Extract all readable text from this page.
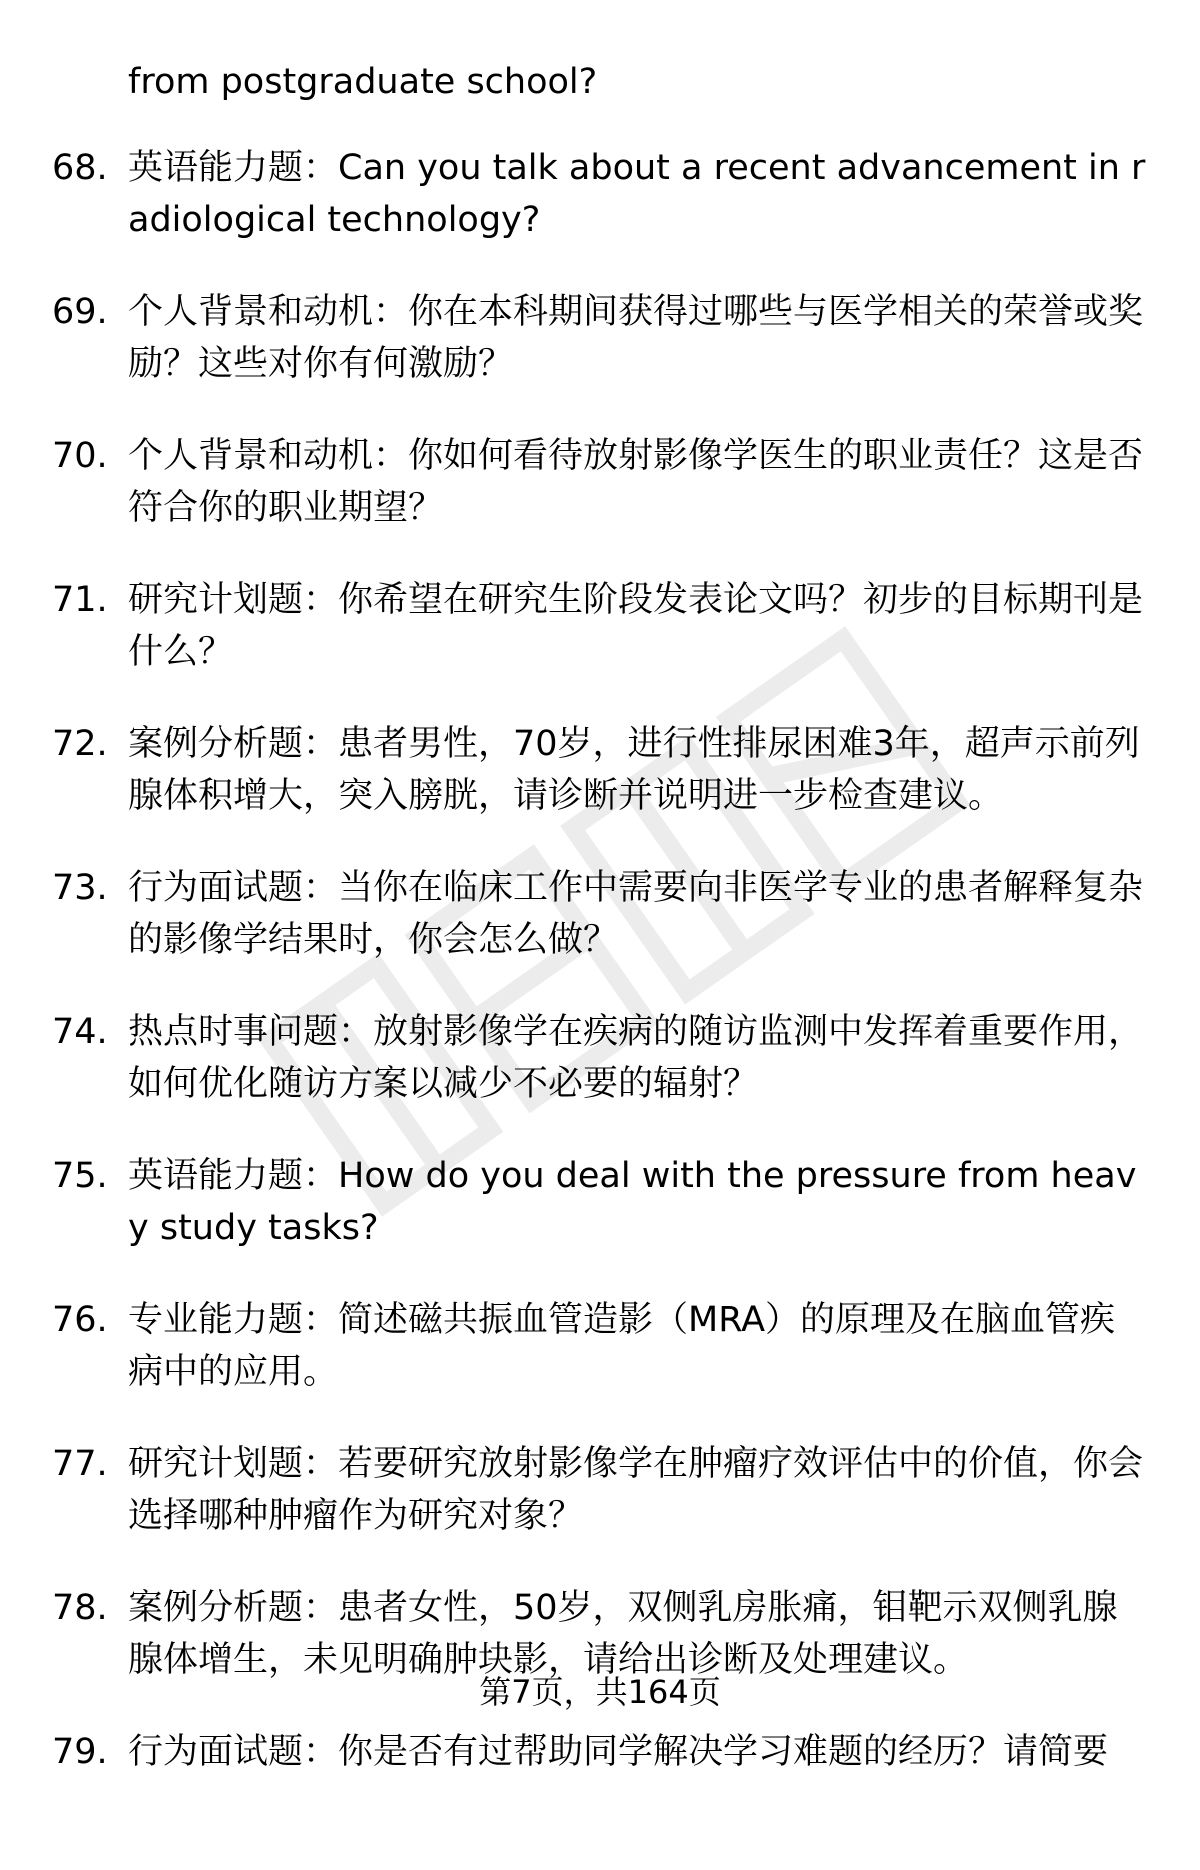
from postgraduate school?
68. 英语能力题：Can you talk about a recent advancement in radiological technology?
69. 个人背景和动机：你在本科期间获得过哪些与医学相关的荣誉或奖励？这些对你有何激励？
70. 个人背景和动机：你如何看待放射影像学医生的职业责任？这是否符合你的职业期望？
71. 研究计划题：你希望在研究生阶段发表论文吗？初步的目标期刊是什么？
72. 案例分析题：患者男性，70岁，进行性排尿困难3年，超声示前列腺体积增大，突入膀胱，请诊断并说明进一步检查建议。
73. 行为面试题：当你在临床工作中需要向非医学专业的患者解释复杂的影像学结果时，你会怎么做？
74. 热点时事问题：放射影像学在疾病的随访监测中发挥着重要作用，如何优化随访方案以减少不必要的辐射？
75. 英语能力题：How do you deal with the pressure from heavy study tasks?
76. 专业能力题：简述磁共振血管造影（MRA）的原理及在脑血管疾病中的应用。
77. 研究计划题：若要研究放射影像学在肿瘤疗效评估中的价值，你会选择哪种肿瘤作为研究对象？
78. 案例分析题：患者女性，50岁，双侧乳房胀痛，钼靶示双侧乳腺腺体增生，未见明确肿块影，请给出诊断及处理建议。
79. 行为面试题：你是否有过帮助同学解决学习难题的经历？请简要
第7页，共164页
